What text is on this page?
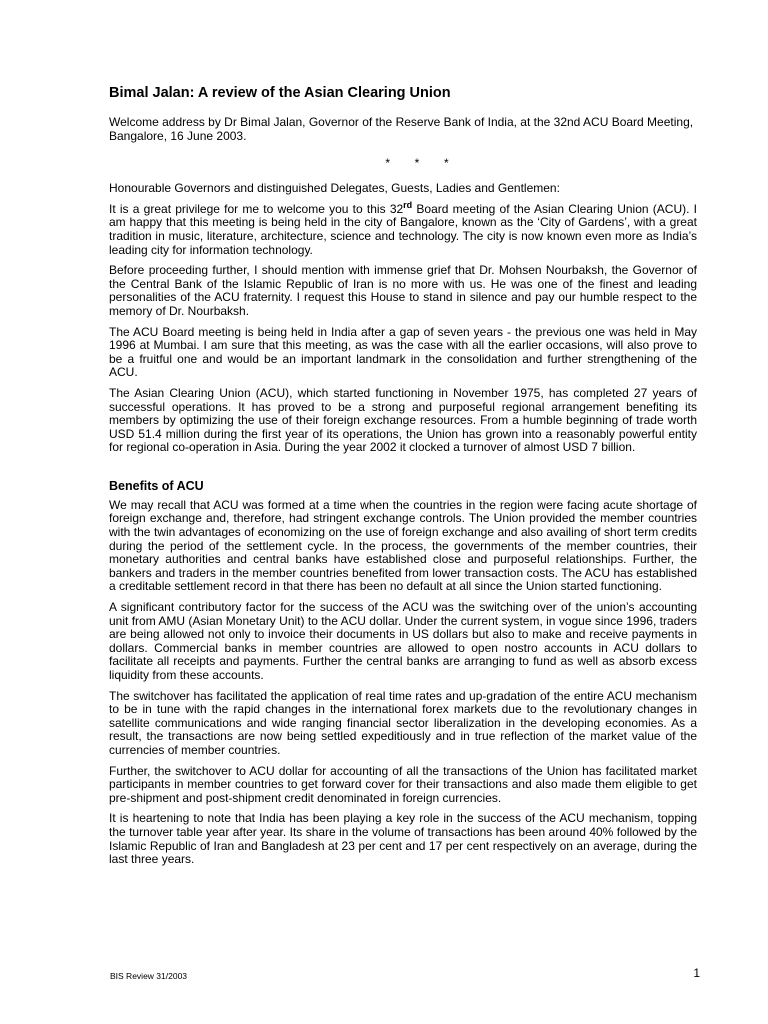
Bimal Jalan: A review of the Asian Clearing Union

Welcome address by Dr Bimal Jalan, Governor of the Reserve Bank of India, at the 32nd ACU Board Meeting, Bangalore, 16 June 2003.

* * *

Honourable Governors and distinguished Delegates, Guests, Ladies and Gentlemen:

It is a great privilege for me to welcome you to this 32rd Board meeting of the Asian Clearing Union (ACU). I am happy that this meeting is being held in the city of Bangalore, known as the ‘City of Gardens’, with a great tradition in music, literature, architecture, science and technology. The city is now known even more as India’s leading city for information technology.

Before proceeding further, I should mention with immense grief that Dr. Mohsen Nourbaksh, the Governor of the Central Bank of the Islamic Republic of Iran is no more with us. He was one of the finest and leading personalities of the ACU fraternity. I request this House to stand in silence and pay our humble respect to the memory of Dr. Nourbaksh.

The ACU Board meeting is being held in India after a gap of seven years - the previous one was held in May 1996 at Mumbai. I am sure that this meeting, as was the case with all the earlier occasions, will also prove to be a fruitful one and would be an important landmark in the consolidation and further strengthening of the ACU.

The Asian Clearing Union (ACU), which started functioning in November 1975, has completed 27 years of successful operations. It has proved to be a strong and purposeful regional arrangement benefiting its members by optimizing the use of their foreign exchange resources. From a humble beginning of trade worth USD 51.4 million during the first year of its operations, the Union has grown into a reasonably powerful entity for regional co-operation in Asia. During the year 2002 it clocked a turnover of almost USD 7 billion.

Benefits of ACU

We may recall that ACU was formed at a time when the countries in the region were facing acute shortage of foreign exchange and, therefore, had stringent exchange controls. The Union provided the member countries with the twin advantages of economizing on the use of foreign exchange and also availing of short term credits during the period of the settlement cycle. In the process, the governments of the member countries, their monetary authorities and central banks have established close and purposeful relationships. Further, the bankers and traders in the member countries benefited from lower transaction costs. The ACU has established a creditable settlement record in that there has been no default at all since the Union started functioning.

A significant contributory factor for the success of the ACU was the switching over of the union’s accounting unit from AMU (Asian Monetary Unit) to the ACU dollar. Under the current system, in vogue since 1996, traders are being allowed not only to invoice their documents in US dollars but also to make and receive payments in dollars. Commercial banks in member countries are allowed to open nostro accounts in ACU dollars to facilitate all receipts and payments. Further the central banks are arranging to fund as well as absorb excess liquidity from these accounts.

The switchover has facilitated the application of real time rates and up-gradation of the entire ACU mechanism to be in tune with the rapid changes in the international forex markets due to the revolutionary changes in satellite communications and wide ranging financial sector liberalization in the developing economies. As a result, the transactions are now being settled expeditiously and in true reflection of the market value of the currencies of member countries.

Further, the switchover to ACU dollar for accounting of all the transactions of the Union has facilitated market participants in member countries to get forward cover for their transactions and also made them eligible to get pre-shipment and post-shipment credit denominated in foreign currencies.

It is heartening to note that India has been playing a key role in the success of the ACU mechanism, topping the turnover table year after year. Its share in the volume of transactions has been around 40% followed by the Islamic Republic of Iran and Bangladesh at 23 per cent and 17 per cent respectively on an average, during the last three years.

BIS Review 31/2003	1
